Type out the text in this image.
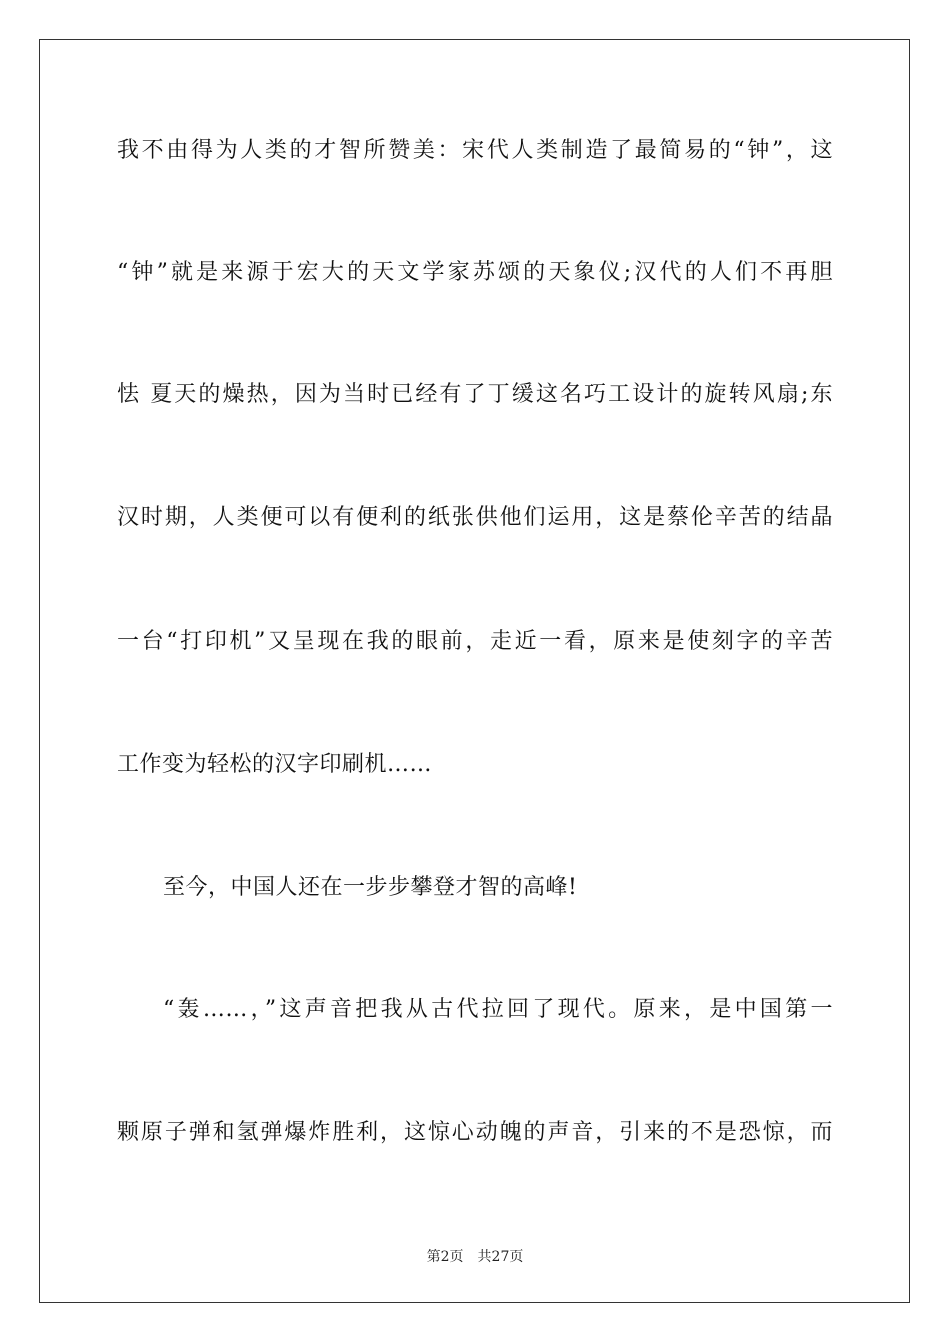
我不由得为人类的才智所赞美：宋代人类制造了最简易的“钟”，这
“钟”就是来源于宏大的天文学家苏颂的天象仪;汉代的人们不再胆
怯 夏天的燥热，因为当时已经有了丁缓这名巧工设计的旋转风扇;东
汉时期，人类便可以有便利的纸张供他们运用，这是蔡伦辛苦的结晶
一台“打印机”又呈现在我的眼前，走近一看，原来是使刻字的辛苦
工作变为轻松的汉字印刷机……
至今，中国人还在一步步攀登才智的高峰!
“轰……，”这声音把我从古代拉回了现代。原来，是中国第一
颗原子弹和氢弹爆炸胜利，这惊心动魄的声音，引来的不是恐惊，而
第2页 共27页
